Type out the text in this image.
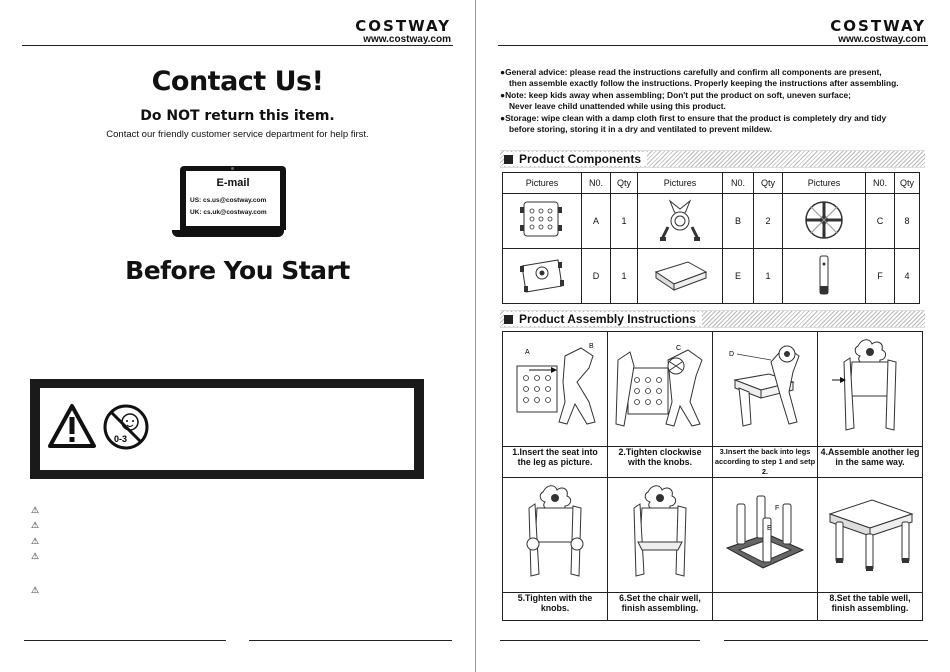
COSTWAY
www.costway.com
Contact Us!
Do NOT return this item.
Contact our friendly customer service department for help first.
E-mail
US: cs.us@costway.com
UK: cs.uk@costway.com
Before You Start
0-3
⚠
⚠
⚠
⚠
⚠
COSTWAY
www.costway.com
●General advice: please read the instructions carefully and confirm all components are present,
then assemble exactly follow the instructions. Properly keeping the instructions after assembling.
●Note: keep kids away when assembling; Don't put the product on soft, uneven surface;
Never leave child unattended while using this product.
●Storage: wipe clean with a damp cloth first to ensure that the product is completely dry and tidy
before storing, storing it in a dry and ventilated to prevent mildew.
Product Components
Pictures	N0.	Qty	Pictures	N0.	Qty	Pictures	N0.	Qty
	A	1		B	2		C	8
	D	1		E	1		F	4
Product Assembly Instructions
A
B	C	D

1.Insert the seat into
the leg as picture.	2.Tighten clockwise
with the knobs.	3.Insert the back into legs
according to step 1 and setp 2.	4.Assemble another leg
in the same way.

F
E

5.Tighten with the
knobs.	6.Set the chair well,
finish assembling.		8.Set the table well,
finish assembling.
